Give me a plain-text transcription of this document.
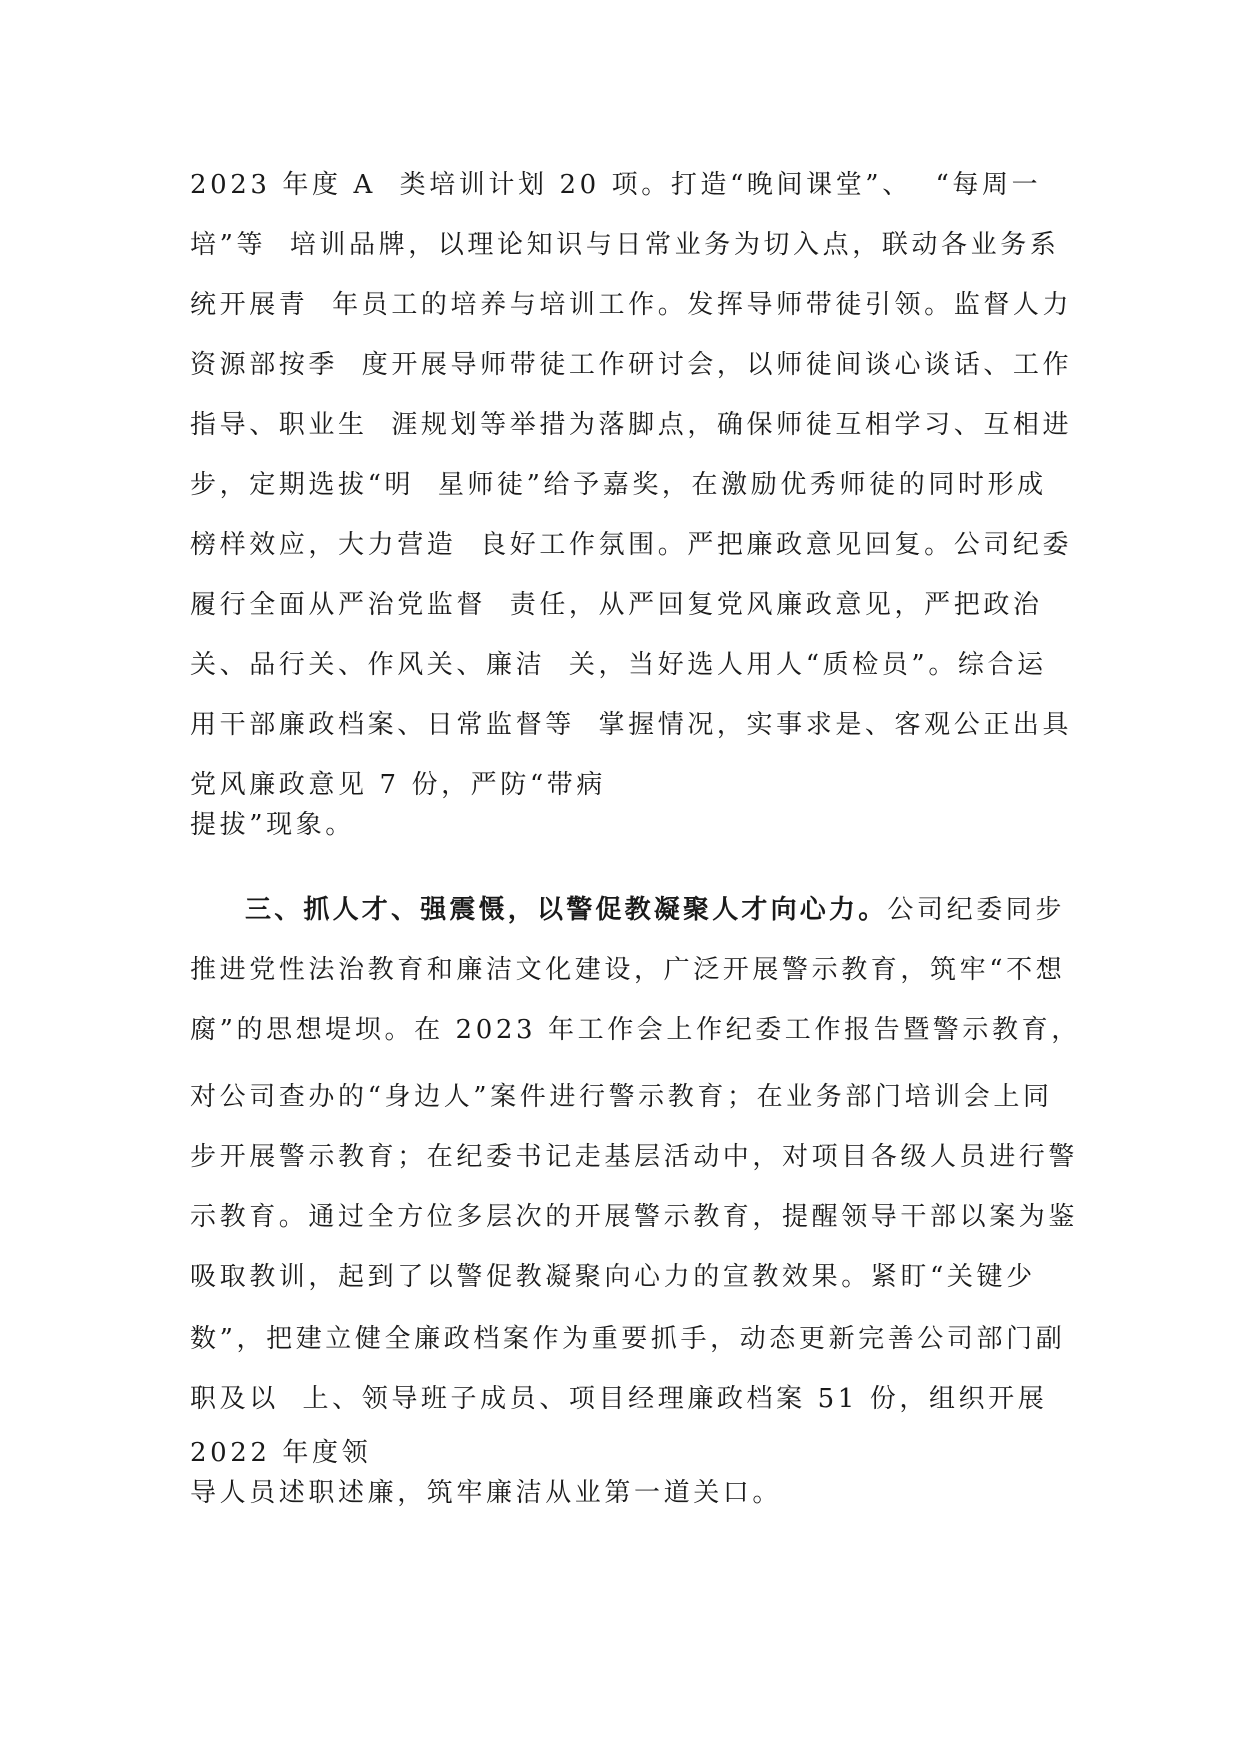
2023 年度 A  类培训计划 20 项。打造“晚间课堂”、  “每周一
培”等  培训品牌，以理论知识与日常业务为切入点，联动各业务系
统开展青  年员工的培养与培训工作。发挥导师带徒引领。监督人力
资源部按季  度开展导师带徒工作研讨会，以师徒间谈心谈话、工作
指导、职业生  涯规划等举措为落脚点，确保师徒互相学习、互相进
步，定期选拔“明  星师徒”给予嘉奖，在激励优秀师徒的同时形成
榜样效应，大力营造  良好工作氛围。严把廉政意见回复。公司纪委
履行全面从严治党监督  责任，从严回复党风廉政意见，严把政治
关、品行关、作风关、廉洁  关，当好选人用人“质检员”。综合运
用干部廉政档案、日常监督等  掌握情况，实事求是、客观公正出具
党风廉政意见 7 份，严防“带病
提拔”现象。
三、抓人才、强震慑，以警促教凝聚人才向心力。公司纪委同步
推进党性法治教育和廉洁文化建设，广泛开展警示教育，筑牢“不想
腐”的思想堤坝。在 2023 年工作会上作纪委工作报告暨警示教育，
对公司查办的“身边人”案件进行警示教育；在业务部门培训会上同
步开展警示教育；在纪委书记走基层活动中，对项目各级人员进行警
示教育。通过全方位多层次的开展警示教育，提醒领导干部以案为鉴
吸取教训，起到了以警促教凝聚向心力的宣教效果。紧盯“关键少
数”，把建立健全廉政档案作为重要抓手，动态更新完善公司部门副
职及以  上、领导班子成员、项目经理廉政档案 51 份，组织开展
2022 年度领
导人员述职述廉，筑牢廉洁从业第一道关口。
